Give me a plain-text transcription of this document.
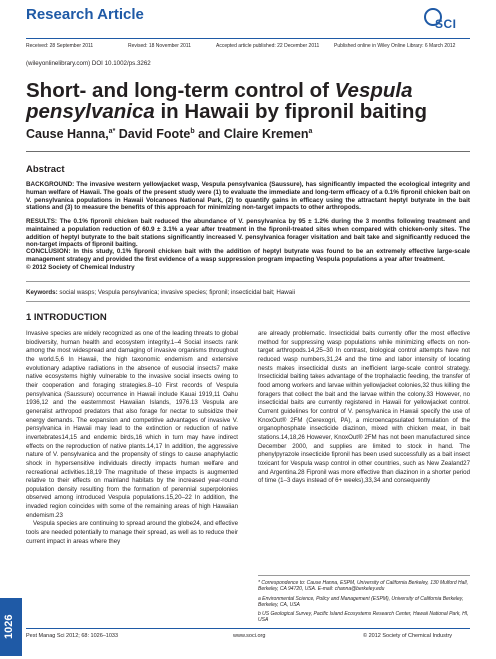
Research Article
SCI
Received: 28 September 2011	Revised: 18 November 2011	Accepted article published: 22 December 2011	Published online in Wiley Online Library: 6 March 2012
(wileyonlinelibrary.com) DOI 10.1002/ps.3262
Short- and long-term control of Vespula
pensylvanica in Hawaii by fipronil baiting
Cause Hanna,$^{a*}$ David Foote$^b$ and Claire Kremen$^a$
Abstract
BACKGROUND: The invasive western yellowjacket wasp, Vespula pensylvanica (Saussure), has significantly impacted the ecological integrity and human welfare of Hawaii. The goals of the present study were (1) to evaluate the immediate and long-term efficacy of a 0.1% fipronil chicken bait on V. pensylvanica populations in Hawaii Volcanoes National Park, (2) to quantify gains in efficacy using the attractant heptyl butyrate in the bait stations and (3) to measure the benefits of this approach for minimizing non-target impacts to other arthropods.
RESULTS: The 0.1% fipronil chicken bait reduced the abundance of V. pensylvanica by 95 ± 1.2% during the 3 months following treatment and maintained a population reduction of 60.9 ± 3.1% a year after treatment in the fipronil-treated sites when compared with chicken-only sites. The addition of heptyl butyrate to the bait stations significantly increased V. pensylvanica forager visitation and bait take and significantly reduced the non-target impacts of fipronil baiting.
CONCLUSION: In this study, 0.1% fipronil chicken bait with the addition of heptyl butyrate was found to be an extremely effective large-scale management strategy and provided the first evidence of a wasp suppression program impacting Vespula populations a year after treatment.
© 2012 Society of Chemical Industry
Keywords: social wasps; Vespula pensylvanica; invasive species; fipronil; insecticidal bait; Hawaii
1 INTRODUCTION

Invasive species are widely recognized as one of the leading threats to global biodiversity, human health and ecosystem integrity.1–4 Social insects rank among the most widespread and damaging of invasive organisms throughout the world.5,6 In Hawaii, the high taxonomic endemism and extensive evolutionary adaptive radiations in the absence of eusocial insects7 make native ecosystems highly vulnerable to the invasive social insects owing to their cooperation and foraging strategies.8–10 First records of Vespula pensylvanica (Saussure) occurrence in Hawaii include Kauai 1919,11 Oahu 1936,12 and the easternmost Hawaiian Islands, 1976.13 Vespula are generalist arthropod predators that also forage for nectar to subsidize their energy demands. The expansion and competitive advantages of invasive V. pensylvanica in Hawaii may lead to the extinction or reduction of native invertebrates14,15 and endemic birds,16 which in turn may have indirect effects on the reproduction of native plants.14,17 In addition, the aggressive nature of V. pensylvanica and the propensity of stings to cause anaphylactic shock in hypersensitive individuals directly impacts human welfare and recreational activities.18,19 The magnitude of these impacts is augmented relative to their effects on mainland habitats by the increased year-round population density resulting from the formation of perennial superpolonies observed among introduced Vespula populations.15,20–22 In addition, the invaded region coincides with some of the remaining areas of high Hawaiian endemism.23

Vespula species are continuing to spread around the globe24, and effective tools are needed potentially to manage their spread, as well as to reduce their current impact in areas where they

are already problematic. Insecticidal baits currently offer the most effective method for suppressing wasp populations while minimizing effects on non-target arthropods.14,25–30 In contrast, biological control attempts have not reduced wasp numbers,31,24 and the time and labor intensity of locating nests makes insecticidal dusts an inefficient large-scale control strategy. Insecticidal baiting takes advantage of the trophalactic feeding, the transfer of food among workers and larvae within yellowjacket colonies,32 thus killing the foragers that collect the bait and the larvae within the colony.33 However, no insecticidal baits are currently registered in Hawaii for yellowjacket control. Current guidelines for control of V. pensylvanica in Hawaii specify the use of KnoxOut® 2FM (Cerexogri, PA), a microencapsulated formulation of the organophosphate insecticide diazinon, mixed with chicken meat, in bait stations.14,18,26 However, KnoxOut® 2FM has not been manufactured since December 2000, and supplies are limited to stock in hand. The phenylpyrazole insecticide fipronil has been used successfully as a bait insect toxicant for Vespula wasp control in other countries, such as New Zealand27 and Argentina.28 Fipronil was more effective than diazinon in a shorter period of time (1–3 days instead of 6+ weeks),33,34 and consequently

* Correspondence to: Cause Hanna, ESPM, University of California Berkeley, 130 Mulford Hall, Berkeley, CA 94720, USA. E-mail: channa@berkeley.edu
a Environmental Science, Policy and Management (ESPM), University of California Berkeley, Berkeley, CA, USA
b US Geological Survey, Pacific Island Ecosystems Research Center, Hawaii National Park, HI, USA
1026	Pest Manag Sci 2012; 68: 1026–1033	www.soci.org	© 2012 Society of Chemical Industry
